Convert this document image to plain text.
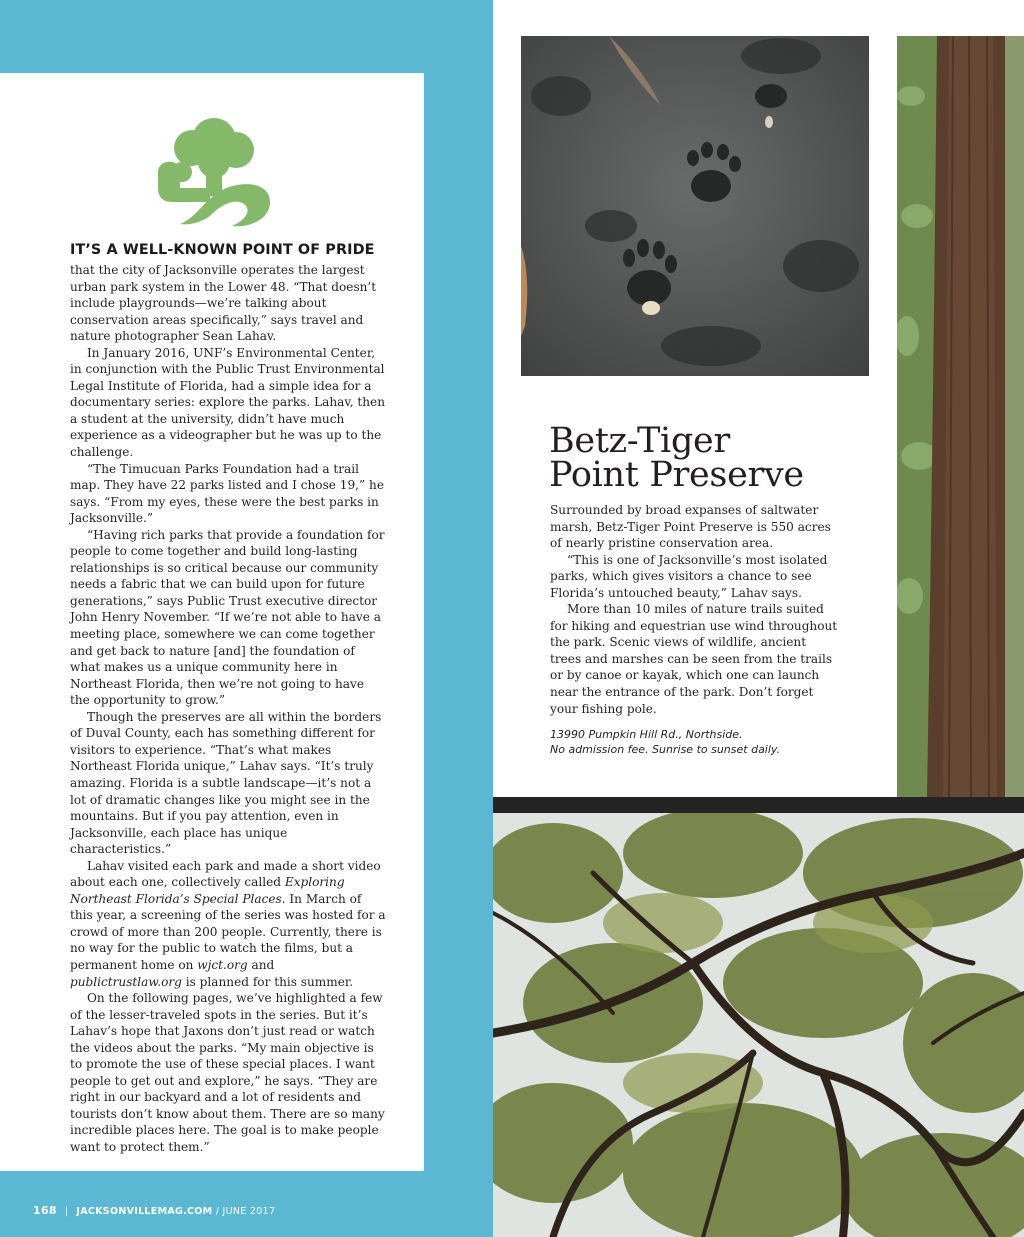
IT’S A WELL-KNOWN POINT OF PRIDE

that the city of Jacksonville operates the largest urban park system in the Lower 48. “That doesn’t include playgrounds—we’re talking about conservation areas specifically,” says travel and nature photographer Sean Lahav.

In January 2016, UNF’s Environmental Center, in conjunction with the Public Trust Environmental Legal Institute of Florida, had a simple idea for a documentary series: explore the parks. Lahav, then a student at the university, didn’t have much experience as a videographer but he was up to the challenge.

“The Timucuan Parks Foundation had a trail map. They have 22 parks listed and I chose 19,” he says. “From my eyes, these were the best parks in Jacksonville.”

“Having rich parks that provide a foundation for people to come together and build long-lasting relationships is so critical because our community needs a fabric that we can build upon for future generations,” says Public Trust executive director John Henry November. “If we’re not able to have a meeting place, somewhere we can come together and get back to nature [and] the foundation of what makes us a unique community here in Northeast Florida, then we’re not going to have the opportunity to grow.”

Though the preserves are all within the borders of Duval County, each has something different for visitors to experience. “That’s what makes Northeast Florida unique,” Lahav says. “It’s truly amazing. Florida is a subtle landscape—it’s not a lot of dramatic changes like you might see in the mountains. But if you pay attention, even in Jacksonville, each place has unique characteristics.”

Lahav visited each park and made a short video about each one, collectively called Exploring Northeast Florida’s Special Places. In March of this year, a screening of the series was hosted for a crowd of more than 200 people. Currently, there is no way for the public to watch the films, but a permanent home on wjct.org and publictrustlaw.org is planned for this summer.

On the following pages, we’ve highlighted a few of the lesser-traveled spots in the series. But it’s Lahav’s hope that Jaxons don’t just read or watch the videos about the parks. “My main objective is to promote the use of these special places. I want people to get out and explore,” he says. “They are right in our backyard and a lot of residents and tourists don’t know about them. There are so many incredible places here. The goal is to make people want to protect them.”

168 | JACKSONVILLEMAG.COM / JUNE 2017
Betz-Tiger
Point Preserve

Surrounded by broad expanses of saltwater marsh, Betz-Tiger Point Preserve is 550 acres of nearly pristine conservation area.

“This is one of Jacksonville’s most isolated parks, which gives visitors a chance to see Florida’s untouched beauty,” Lahav says.

More than 10 miles of nature trails suited for hiking and equestrian use wind throughout the park. Scenic views of wildlife, ancient trees and marshes can be seen from the trails or by canoe or kayak, which one can launch near the entrance of the park. Don’t forget your fishing pole.

13990 Pumpkin Hill Rd., Northside.
No admission fee. Sunrise to sunset daily.
